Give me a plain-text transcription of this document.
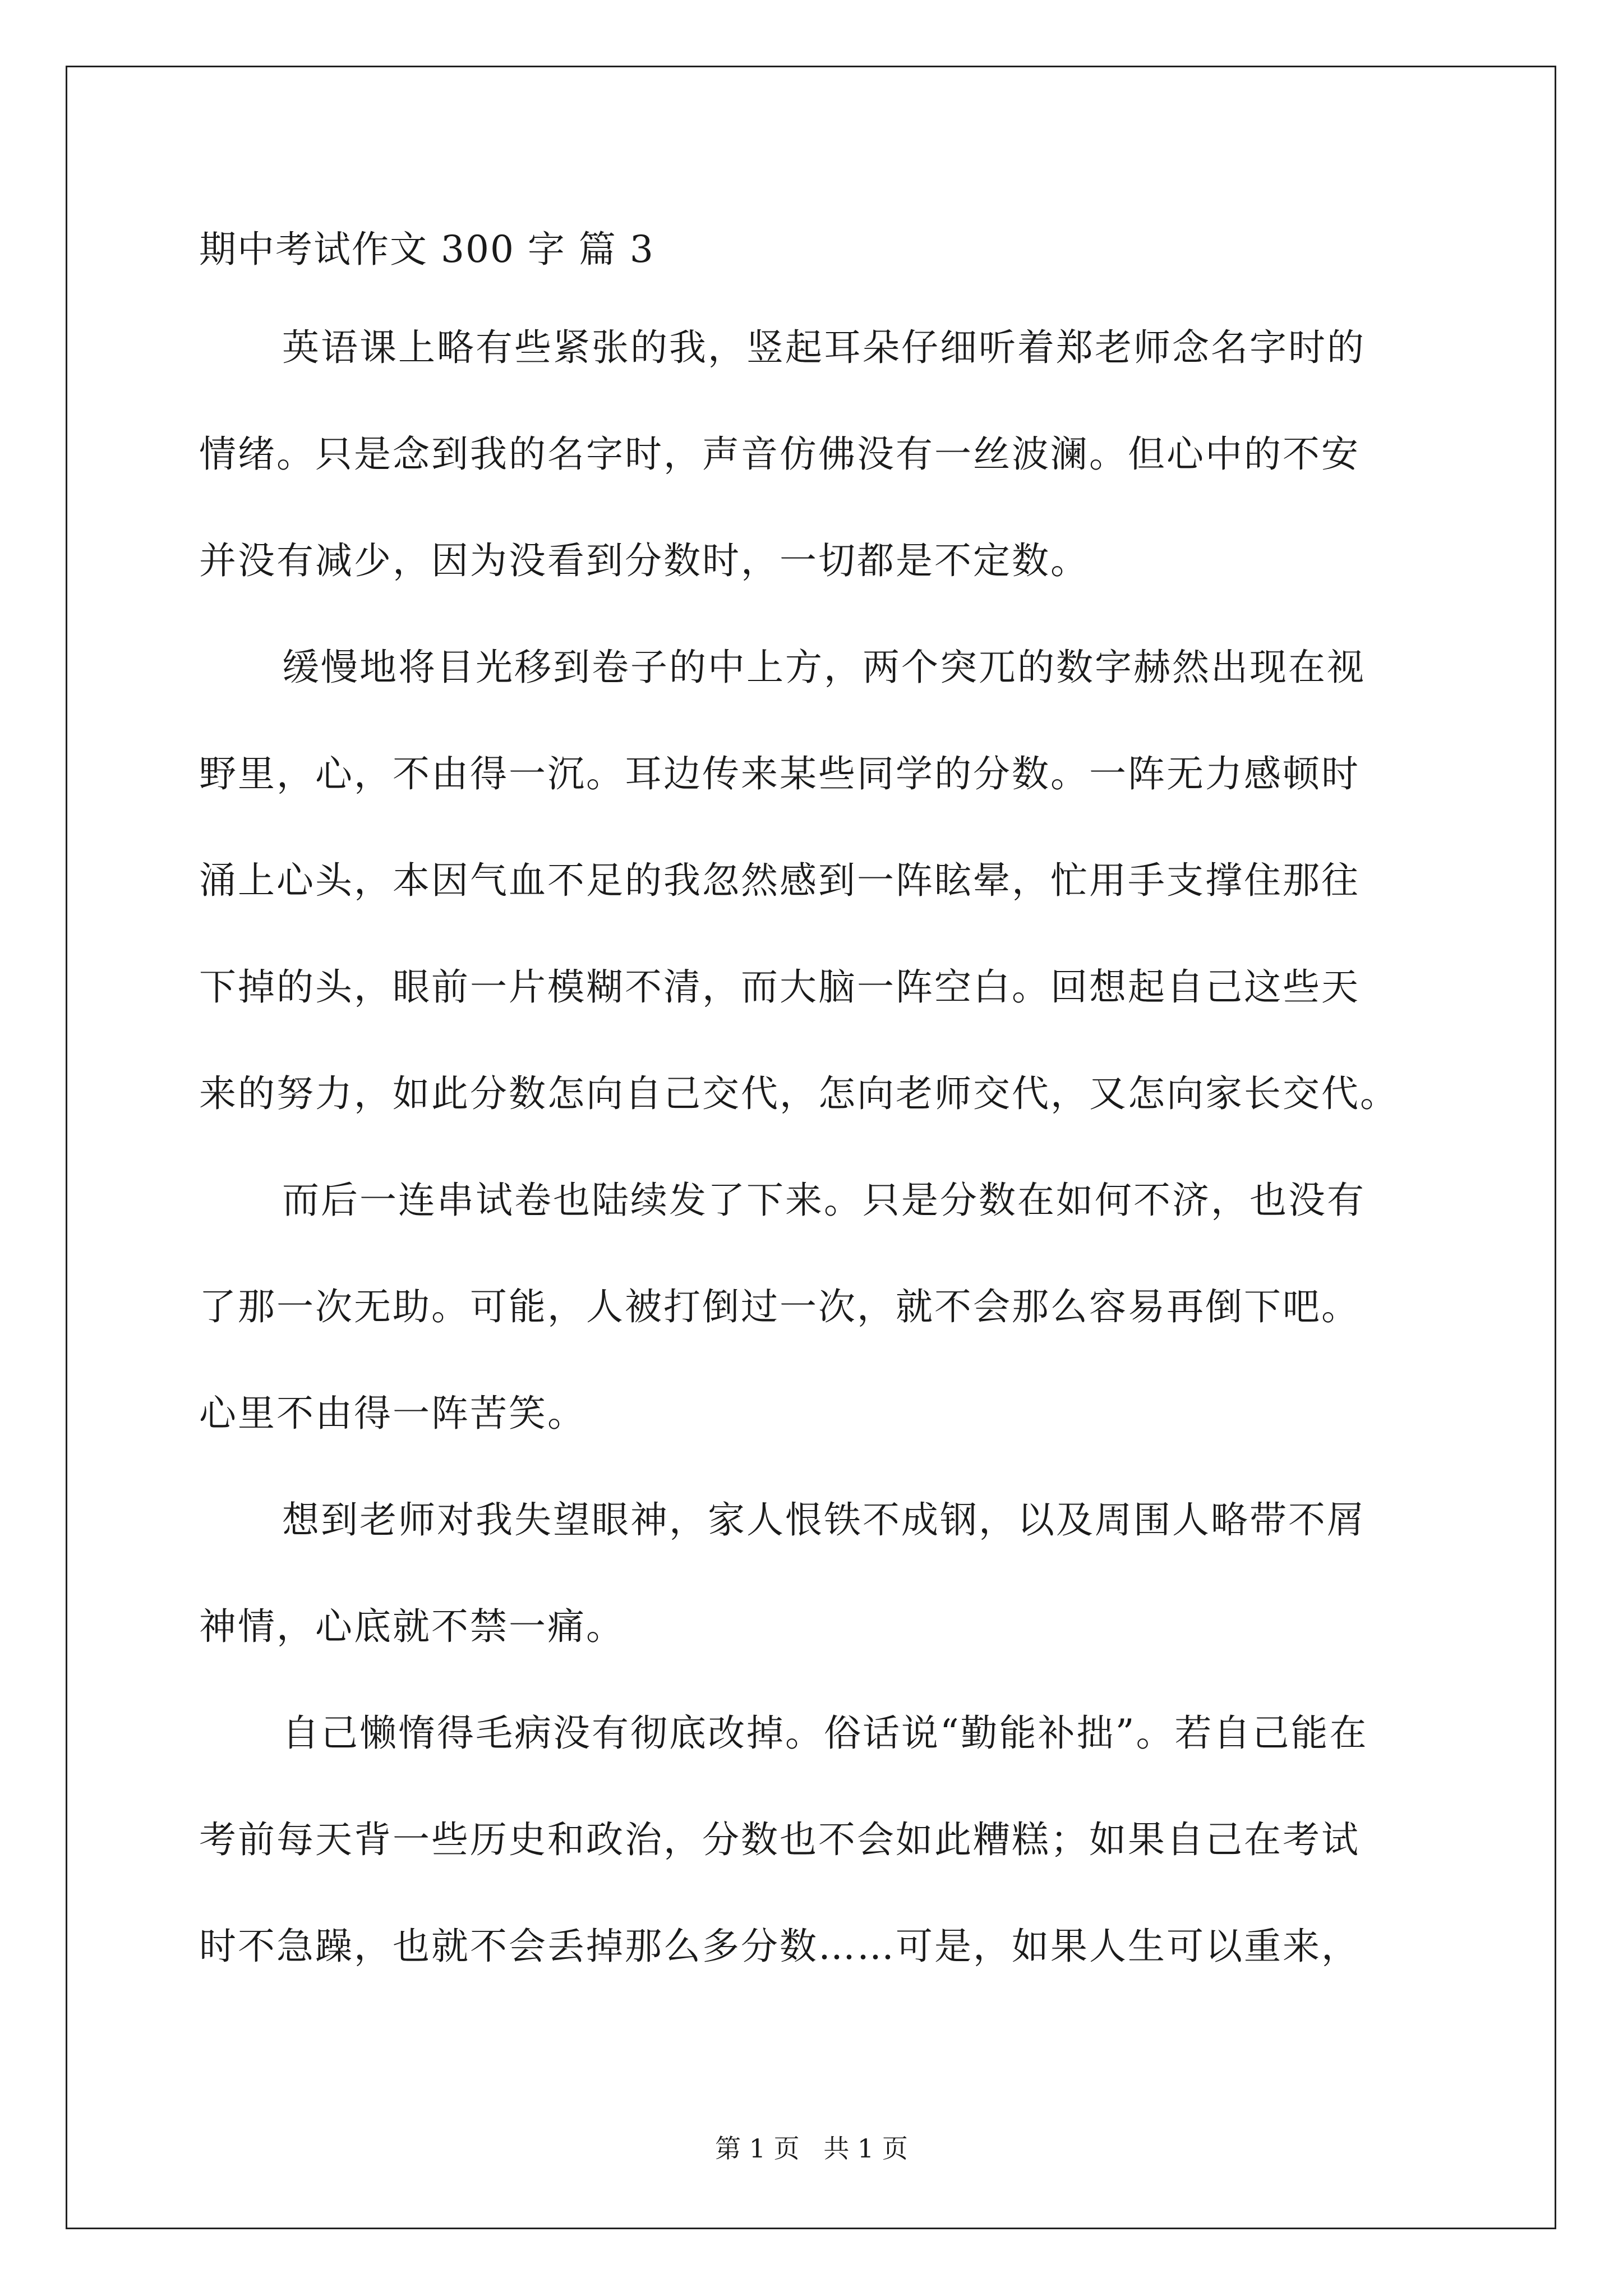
期中考试作文 300 字 篇 3
英语课上略有些紧张的我，竖起耳朵仔细听着郑老师念名字时的
情绪。只是念到我的名字时，声音仿佛没有一丝波澜。但心中的不安
并没有减少，因为没看到分数时，一切都是不定数。
缓慢地将目光移到卷子的中上方，两个突兀的数字赫然出现在视
野里，心，不由得一沉。耳边传来某些同学的分数。一阵无力感顿时
涌上心头，本因气血不足的我忽然感到一阵眩晕，忙用手支撑住那往
下掉的头，眼前一片模糊不清，而大脑一阵空白。回想起自己这些天
来的努力，如此分数怎向自己交代，怎向老师交代，又怎向家长交代。
而后一连串试卷也陆续发了下来。只是分数在如何不济，也没有
了那一次无助。可能，人被打倒过一次，就不会那么容易再倒下吧。
心里不由得一阵苦笑。
想到老师对我失望眼神，家人恨铁不成钢，以及周围人略带不屑
神情，心底就不禁一痛。
自己懒惰得毛病没有彻底改掉。俗话说“勤能补拙”。若自己能在
考前每天背一些历史和政治，分数也不会如此糟糕；如果自己在考试
时不急躁，也就不会丢掉那么多分数……可是，如果人生可以重来，
第 1 页 共 1 页
